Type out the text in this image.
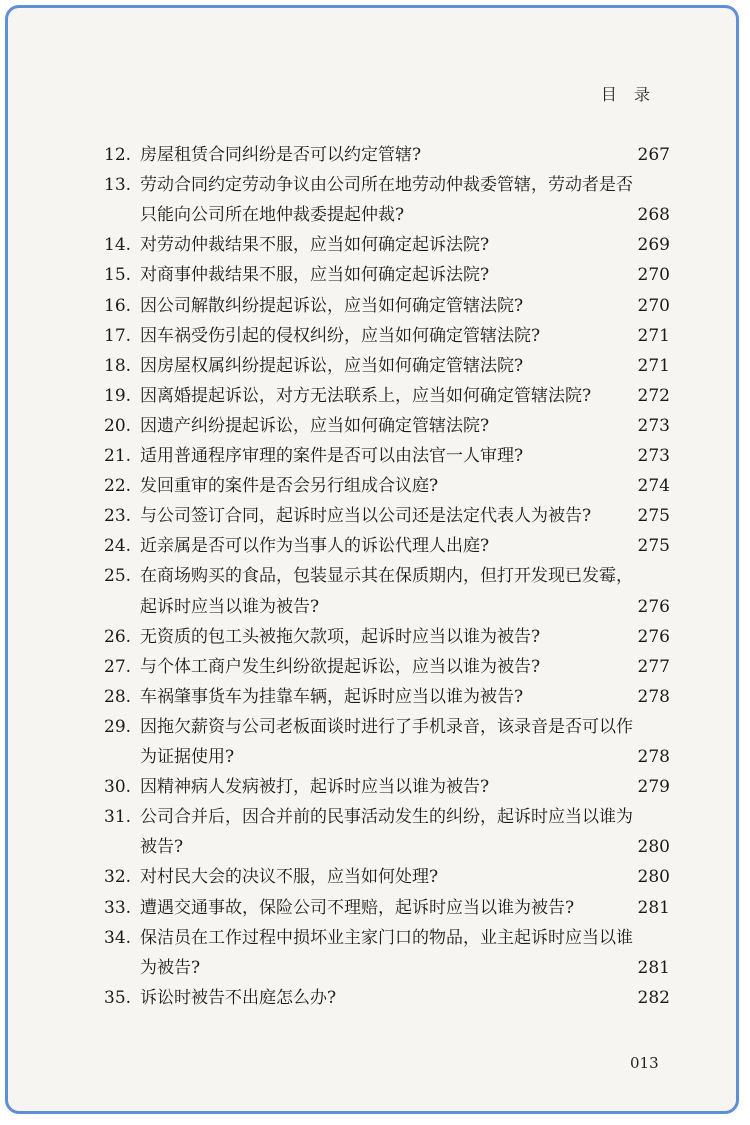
目 录
12. 房屋租赁合同纠纷是否可以约定管辖?	267
13. 劳动合同约定劳动争议由公司所在地劳动仲裁委管辖，劳动者是否
只能向公司所在地仲裁委提起仲裁?	268
14. 对劳动仲裁结果不服，应当如何确定起诉法院?	269
15. 对商事仲裁结果不服，应当如何确定起诉法院?	270
16. 因公司解散纠纷提起诉讼，应当如何确定管辖法院?	270
17. 因车祸受伤引起的侵权纠纷，应当如何确定管辖法院?	271
18. 因房屋权属纠纷提起诉讼，应当如何确定管辖法院?	271
19. 因离婚提起诉讼，对方无法联系上，应当如何确定管辖法院?	272
20. 因遗产纠纷提起诉讼，应当如何确定管辖法院?	273
21. 适用普通程序审理的案件是否可以由法官一人审理?	273
22. 发回重审的案件是否会另行组成合议庭?	274
23. 与公司签订合同，起诉时应当以公司还是法定代表人为被告?	275
24. 近亲属是否可以作为当事人的诉讼代理人出庭?	275
25. 在商场购买的食品，包装显示其在保质期内，但打开发现已发霉，
起诉时应当以谁为被告?	276
26. 无资质的包工头被拖欠款项，起诉时应当以谁为被告?	276
27. 与个体工商户发生纠纷欲提起诉讼，应当以谁为被告?	277
28. 车祸肇事货车为挂靠车辆，起诉时应当以谁为被告?	278
29. 因拖欠薪资与公司老板面谈时进行了手机录音，该录音是否可以作
为证据使用?	278
30. 因精神病人发病被打，起诉时应当以谁为被告?	279
31. 公司合并后，因合并前的民事活动发生的纠纷，起诉时应当以谁为
被告?	280
32. 对村民大会的决议不服，应当如何处理?	280
33. 遭遇交通事故，保险公司不理赔，起诉时应当以谁为被告?	281
34. 保洁员在工作过程中损坏业主家门口的物品，业主起诉时应当以谁
为被告?	281
35. 诉讼时被告不出庭怎么办?	282
013
